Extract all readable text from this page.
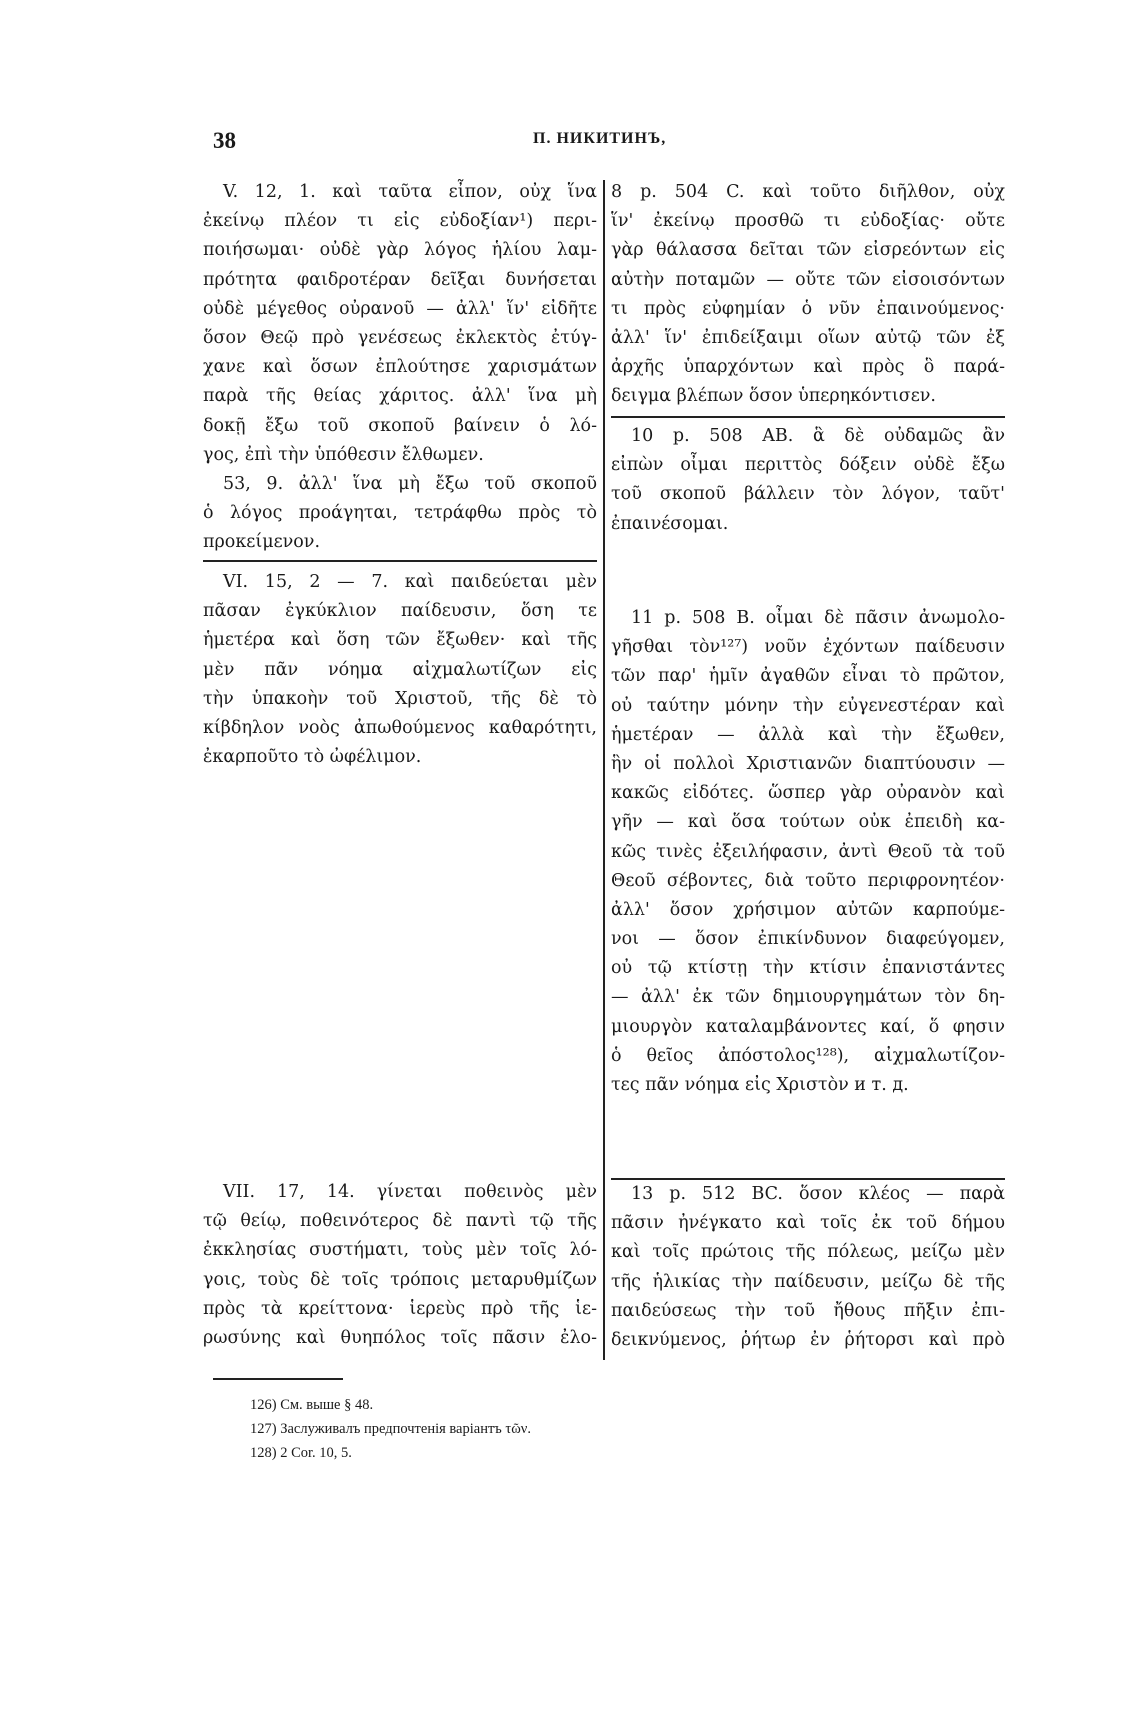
38	П. НИКИТИНЪ,
V. 12, 1. καὶ ταῦτα εἶπον, οὐχ ἵνα
ἐκείνῳ πλέον τι εἰς εὐδοξίαν¹) περι-
ποιήσωμαι· οὐδὲ γὰρ λόγος ἡλίου λαμ-
πρότητα φαιδροτέραν δεῖξαι δυνήσεται
οὐδὲ μέγεθος οὐρανοῦ — ἀλλ' ἵν' εἰδῆτε
ὅσον Θεῷ πρὸ γενέσεως ἐκλεκτὸς ἐτύγ-
χανε καὶ ὅσων ἐπλούτησε χαρισμάτων
παρὰ τῆς θείας χάριτος. ἀλλ' ἵνα μὴ
δοκῇ ἔξω τοῦ σκοποῦ βαίνειν ὁ λό-
γος, ἐπὶ τὴν ὑπόθεσιν ἔλθωμεν.
53, 9. ἀλλ' ἵνα μὴ ἔξω τοῦ σκοποῦ
ὁ λόγος προάγηται, τετράφθω πρὸς τὸ
προκείμενον.
VI. 15, 2 — 7. καὶ παιδεύεται μὲν
πᾶσαν ἐγκύκλιον παίδευσιν, ὅση τε
ἡμετέρα καὶ ὅση τῶν ἔξωθεν· καὶ τῆς
μὲν πᾶν νόημα αἰχμαλωτίζων εἰς
τὴν ὑπακοὴν τοῦ Χριστοῦ, τῆς δὲ τὸ
κίβδηλον νοὸς ἀπωθούμενος καθαρότητι,
ἐκαρποῦτο τὸ ὠφέλιμον.
VII. 17, 14. γίνεται ποθεινὸς μὲν
τῷ θείῳ, ποθεινότερος δὲ παντὶ τῷ τῆς
ἐκκλησίας συστήματι, τοὺς μὲν τοῖς λό-
γοις, τοὺς δὲ τοῖς τρόποις μεταρυθμίζων
πρὸς τὰ κρείττονα· ἱερεὺς πρὸ τῆς ἱε-
ρωσύνης καὶ θυηπόλος τοῖς πᾶσιν ἐλο-
8 p. 504 C. καὶ τοῦτο διῆλθον, οὐχ
ἵν' ἐκείνῳ προσθῶ τι εὐδοξίας· οὔτε
γὰρ θάλασσα δεῖται τῶν εἰσρεόντων εἰς
αὐτὴν ποταμῶν — οὔτε τῶν εἰσοισόντων
τι πρὸς εὐφημίαν ὁ νῦν ἐπαινούμενος·
ἀλλ' ἵν' ἐπιδείξαιμι οἵων αὐτῷ τῶν ἐξ
ἀρχῆς ὑπαρχόντων καὶ πρὸς ὃ παρά-
δειγμα βλέπων ὅσον ὑπερηκόντισεν.
10 p. 508 AB. ἃ δὲ οὐδαμῶς ἂν
εἰπὼν οἶμαι περιττὸς δόξειν οὐδὲ ἔξω
τοῦ σκοποῦ βάλλειν τὸν λόγον, ταῦτ'
ἐπαινέσομαι.
11 p. 508 B. οἶμαι δὲ πᾶσιν ἀνωμολο-
γῆσθαι τὸν¹²⁷) νοῦν ἐχόντων παίδευσιν
τῶν παρ' ἡμῖν ἀγαθῶν εἶναι τὸ πρῶτον,
οὐ ταύτην μόνην τὴν εὐγενεστέραν καὶ
ἡμετέραν — ἀλλὰ καὶ τὴν ἔξωθεν,
ἣν οἱ πολλοὶ Χριστιανῶν διαπτύουσιν —
κακῶς εἰδότες. ὥσπερ γὰρ οὐρανὸν καὶ
γῆν — καὶ ὅσα τούτων οὐκ ἐπειδὴ κα-
κῶς τινὲς ἐξειλήφασιν, ἀντὶ Θεοῦ τὰ τοῦ
Θεοῦ σέβοντες, διὰ τοῦτο περιφρονητέον·
ἀλλ' ὅσον χρήσιμον αὐτῶν καρπούμε-
νοι — ὅσον ἐπικίνδυνον διαφεύγομεν,
οὐ τῷ κτίστῃ τὴν κτίσιν ἐπανιστάντες
— ἀλλ' ἐκ τῶν δημιουργημάτων τὸν δη-
μιουργὸν καταλαμβάνοντες καί, ὅ φησιν
ὁ θεῖος ἀπόστολος¹²⁸), αἰχμαλωτίζον-
τες πᾶν νόημα εἰς Χριστὸν и т. д.
13 p. 512 BC. ὅσον κλέος — παρὰ
πᾶσιν ἠνέγκατο καὶ τοῖς ἐκ τοῦ δήμου
καὶ τοῖς πρώτοις τῆς πόλεως, μείζω μὲν
τῆς ἡλικίας τὴν παίδευσιν, μείζω δὲ τῆς
παιδεύσεως τὴν τοῦ ἤθους πῆξιν ἐπι-
δεικνύμενος, ῥήτωρ ἐν ῥήτορσι καὶ πρὸ
126) См. выше § 48.
127) Заслуживалъ предпочтенія варіантъ τῶν.
128) 2 Cor. 10, 5.
